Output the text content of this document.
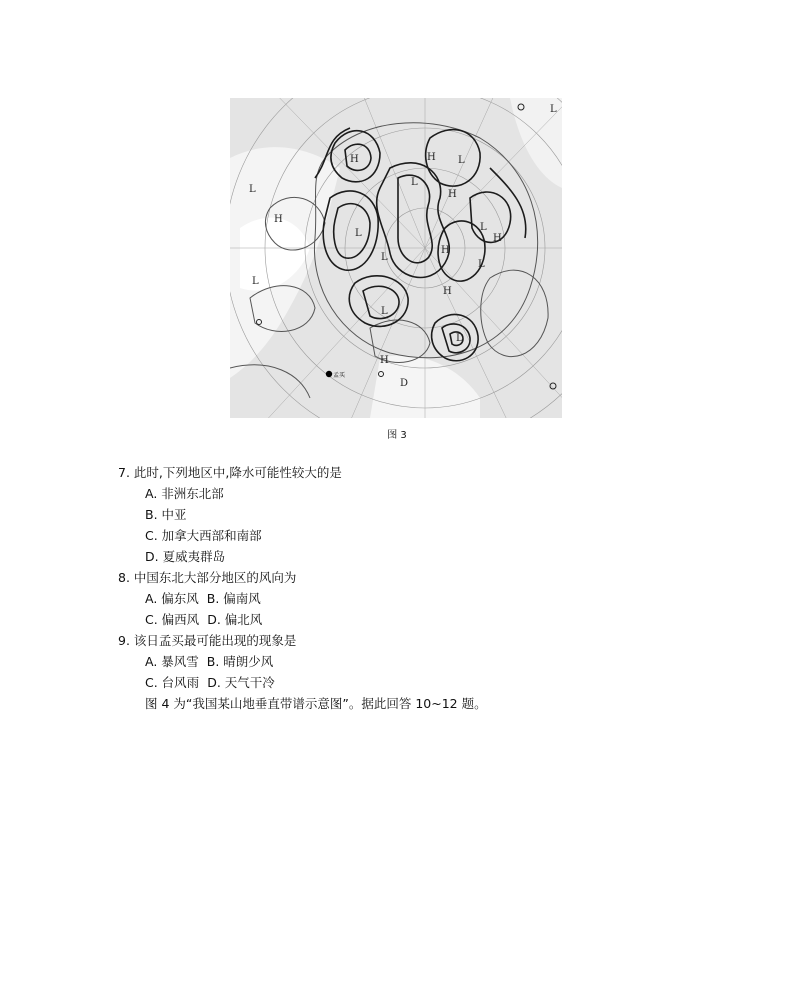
H	H
H
H
H
H
H
H
L
L
L
L
L
L
L
L
L
L
L
D
孟买
图 3
7. 此时,下列地区中,降水可能性较大的是
A. 非洲东北部
B. 中亚
C. 加拿大西部和南部
D. 夏威夷群岛
8. 中国东北大部分地区的风向为
A. 偏东风 B. 偏南风
C. 偏西风 D. 偏北风
9. 该日孟买最可能出现的现象是
A. 暴风雪 B. 晴朗少风
C. 台风雨 D. 天气干冷
图 4 为“我国某山地垂直带谱示意图”。据此回答 10~12 题。
